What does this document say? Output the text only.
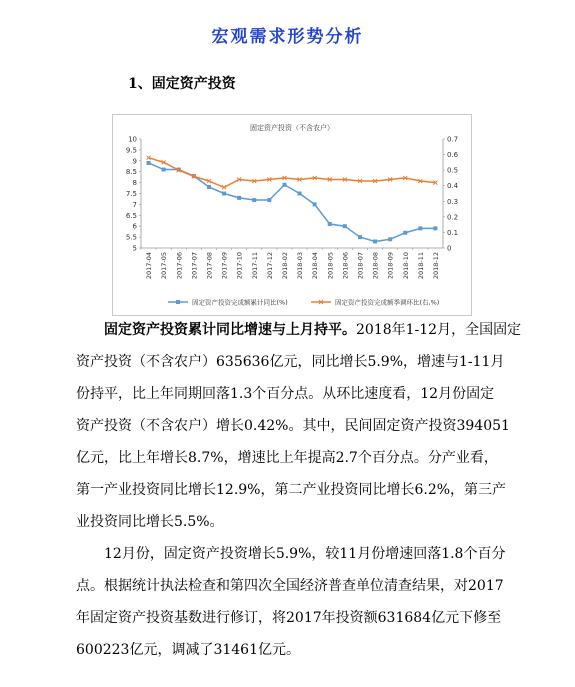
宏观需求形势分析
1、固定资产投资
固定资产投资（不含农户）
5
5.5
6
6.5
7
7.5
8
8.5
9
9.5
10
0
0.1
0.2
0.3
0.4
0.5
0.6
0.7
2017-04 2017-05 2017-06 2017-07 2017-08 2017-09 2017-10 2017-11 2017-12 2018-02 2018-03 2018-04 2018-05 2018-06 2018-07 2018-08 2018-09 2018-10 2018-11 2018-12
固定资产投资完成额累计同比(%)	固定资产投资完成额季调环比(右,%)
固定资产投资累计同比增速与上月持平。2018年1-12月，全国固定
资产投资（不含农户）635636亿元，同比增长5.9%，增速与1-11月
份持平，比上年同期回落1.3个百分点。从环比速度看，12月份固定
资产投资（不含农户）增长0.42%。其中，民间固定资产投资394051
亿元，比上年增长8.7%，增速比上年提高2.7个百分点。分产业看，
第一产业投资同比增长12.9%，第二产业投资同比增长6.2%，第三产
业投资同比增长5.5%。
12月份，固定资产投资增长5.9%，较11月份增速回落1.8个百分
点。根据统计执法检查和第四次全国经济普查单位清查结果，对2017
年固定资产投资基数进行修订，将2017年投资额631684亿元下修至
600223亿元，调减了31461亿元。
